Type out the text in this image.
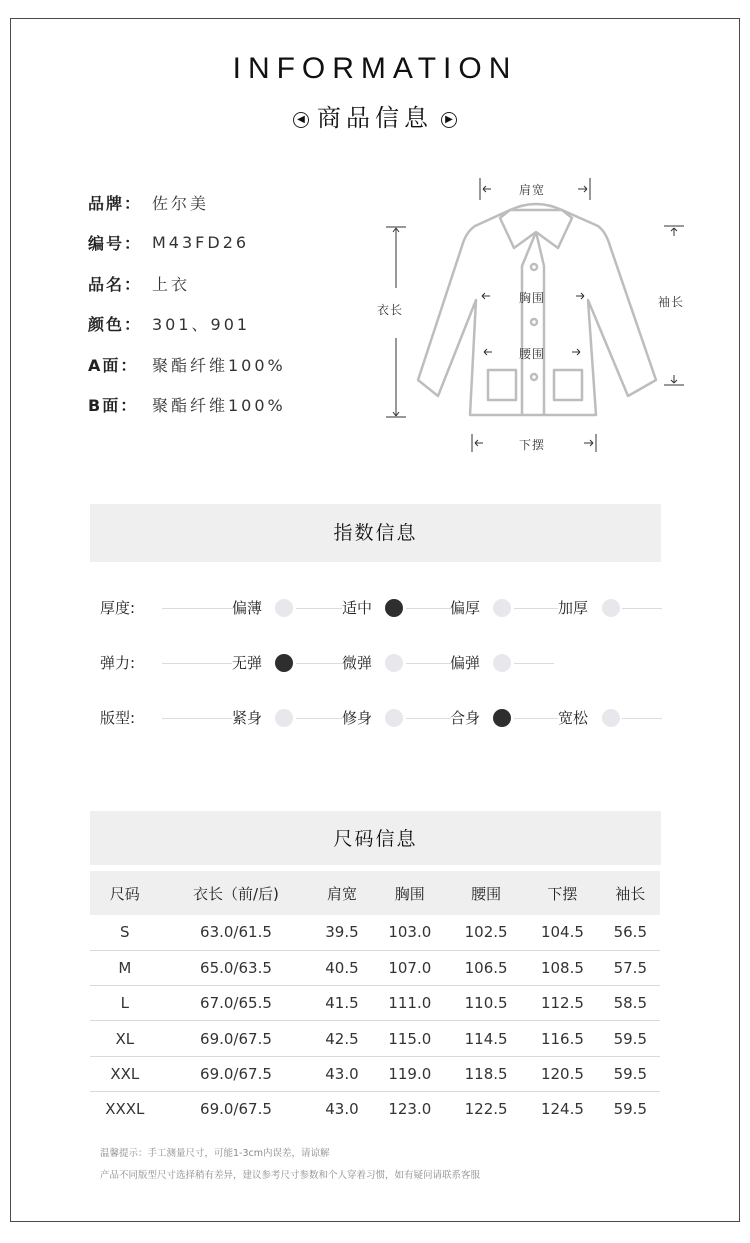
INFORMATION
◀ 商品信息 ▶
品牌： 佐尔美
编号： M43FD26
品名： 上衣
颜色： 301、901
A面： 聚酯纤维100%
B面： 聚酯纤维100%
肩宽
衣长
胸围
腰围
下摆
袖长
指数信息
厚度:	偏薄	适中	偏厚	加厚
弹力:	无弹	微弹	偏弹
版型:	紧身	修身	合身	宽松
尺码信息
尺码	衣长（前/后)	肩宽	胸围	腰围	下摆	袖长
S	63.0/61.5	39.5	103.0	102.5	104.5	56.5
M	65.0/63.5	40.5	107.0	106.5	108.5	57.5
L	67.0/65.5	41.5	111.0	110.5	112.5	58.5
XL	69.0/67.5	42.5	115.0	114.5	116.5	59.5
XXL	69.0/67.5	43.0	119.0	118.5	120.5	59.5
XXXL	69.0/67.5	43.0	123.0	122.5	124.5	59.5
温馨提示：手工测量尺寸，可能1-3cm内误差，请谅解
产品不同版型尺寸选择稍有差异，建议参考尺寸参数和个人穿着习惯，如有疑问请联系客服
